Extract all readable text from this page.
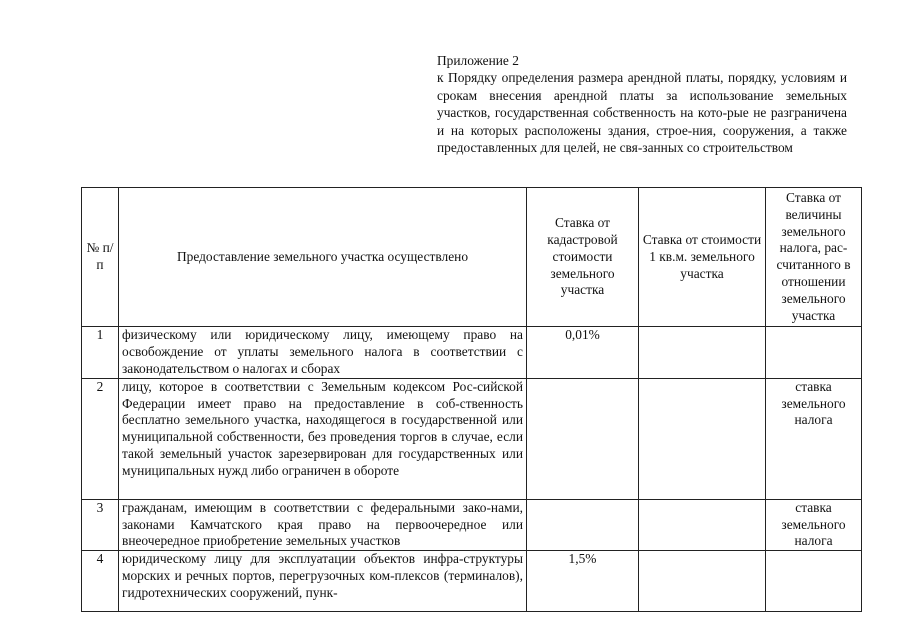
Приложение 2
к Порядку определения размера арендной платы, порядку, условиям и срокам внесения арендной платы за использование земельных участков, государственная собственность на кото-рые не разграничена и на которых расположены здания, строе-ния, сооружения, а также предоставленных для целей, не свя-занных со строительством
№ п/п	Предоставление земельного участка осуществлено	Ставка от кадастровой стоимости земельного участка	Ставка от стоимости 1 кв.м. земельного участка	Ставка от величины земельного налога, рас-считанного в отношении земельного участка
1	физическому или юридическому лицу, имеющему право на освобождение от уплаты земельного налога в соответствии с законодательством о налогах и сборах	0,01%		
2	лицу, которое в соответствии с Земельным кодексом Рос-сийской Федерации имеет право на предоставление в соб-ственность бесплатно земельного участка, находящегося в государственной или муниципальной собственности, без проведения торгов в случае, если такой земельный участок зарезервирован для государственных или муниципальных нужд либо ограничен в обороте			ставка земельного налога
3	гражданам, имеющим в соответствии с федеральными зако-нами, законами Камчатского края право на первоочередное или внеочередное приобретение земельных участков			ставка земельного налога
4	юридическому лицу для эксплуатации объектов инфра-структуры морских и речных портов, перегрузочных ком-плексов (терминалов), гидротехнических сооружений, пунк-	1,5%		
